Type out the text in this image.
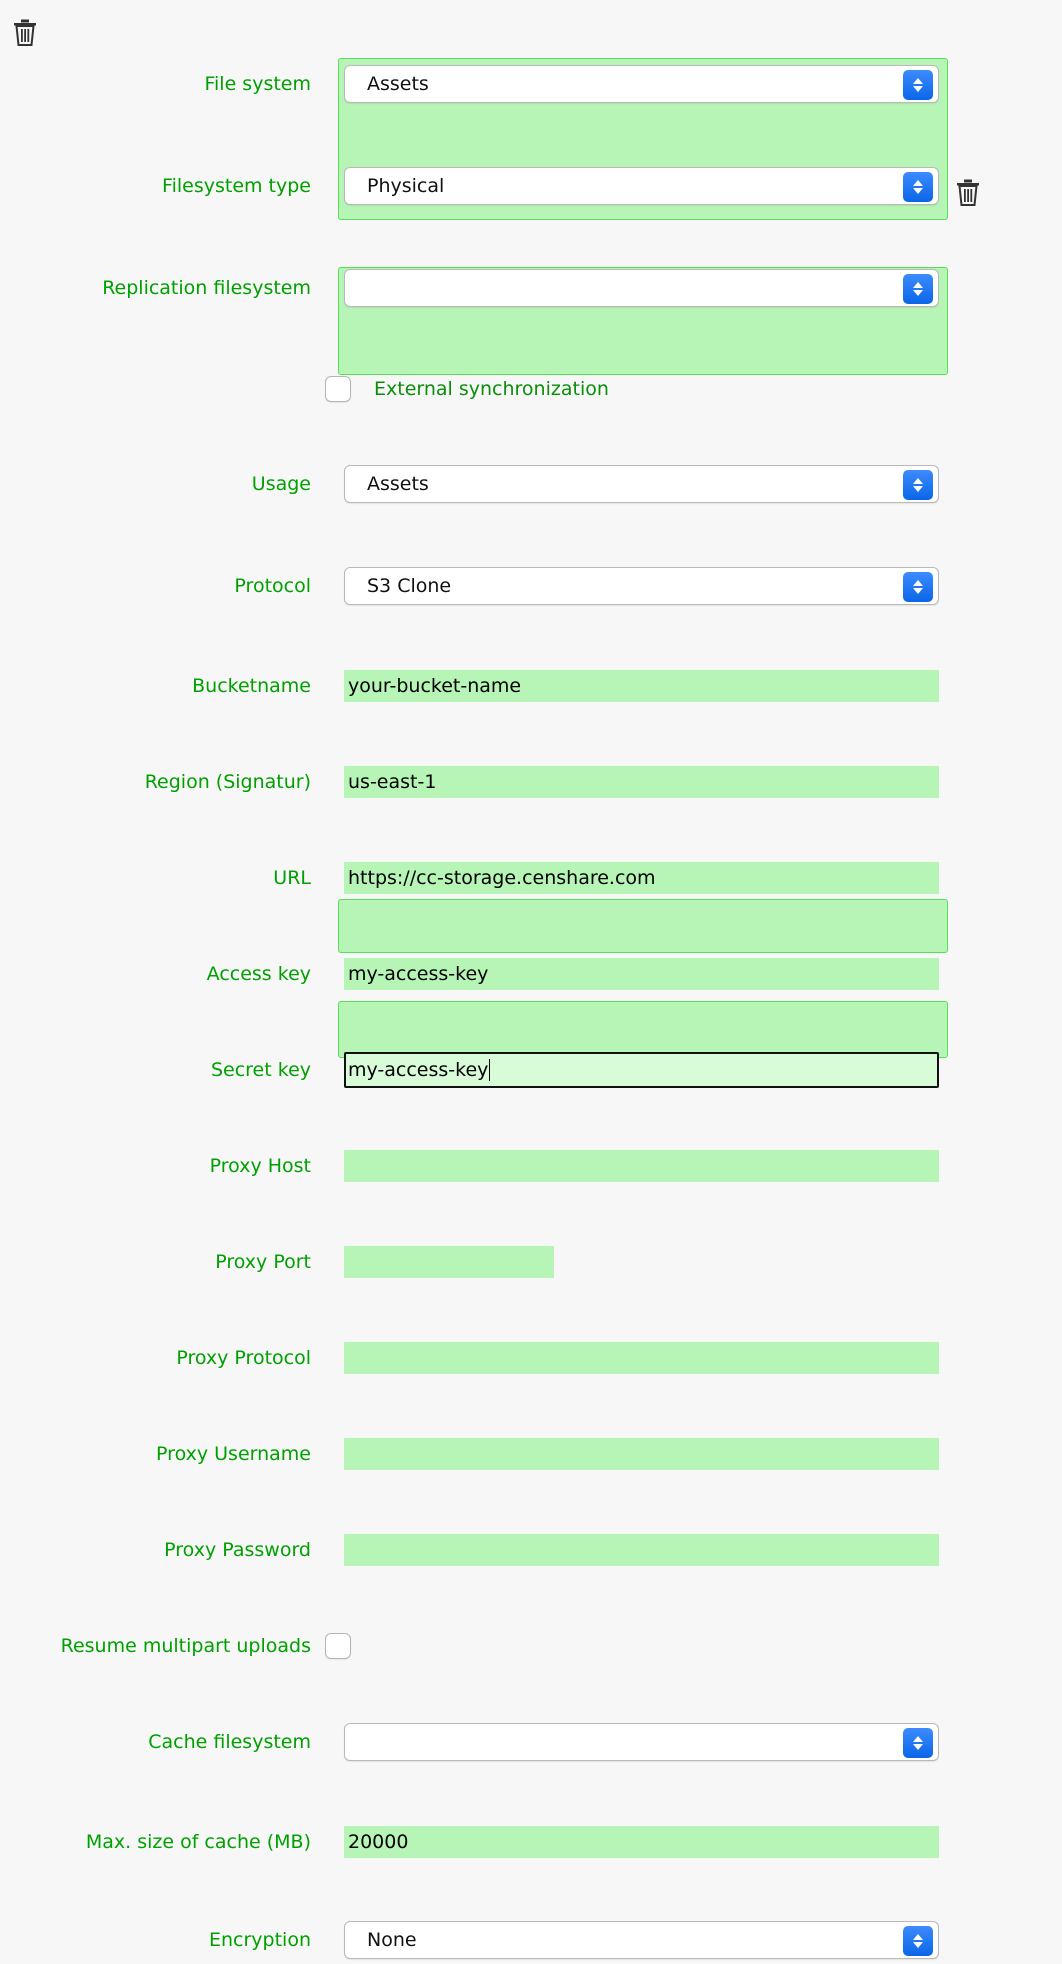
File system	Assets
Filesystem type	Physical
Replication filesystem
External synchronization
Usage	Assets
Protocol	S3 Clone
Bucketname your-bucket-name
Region (Signatur) us-east-1
URL https://cc-storage.censhare.com
Access key my-access-key
Secret key my-access-key
Proxy Host
Proxy Port
Proxy Protocol
Proxy Username
Proxy Password
Resume multipart uploads
Cache filesystem
Max. size of cache (MB) 20000
Encryption	None
